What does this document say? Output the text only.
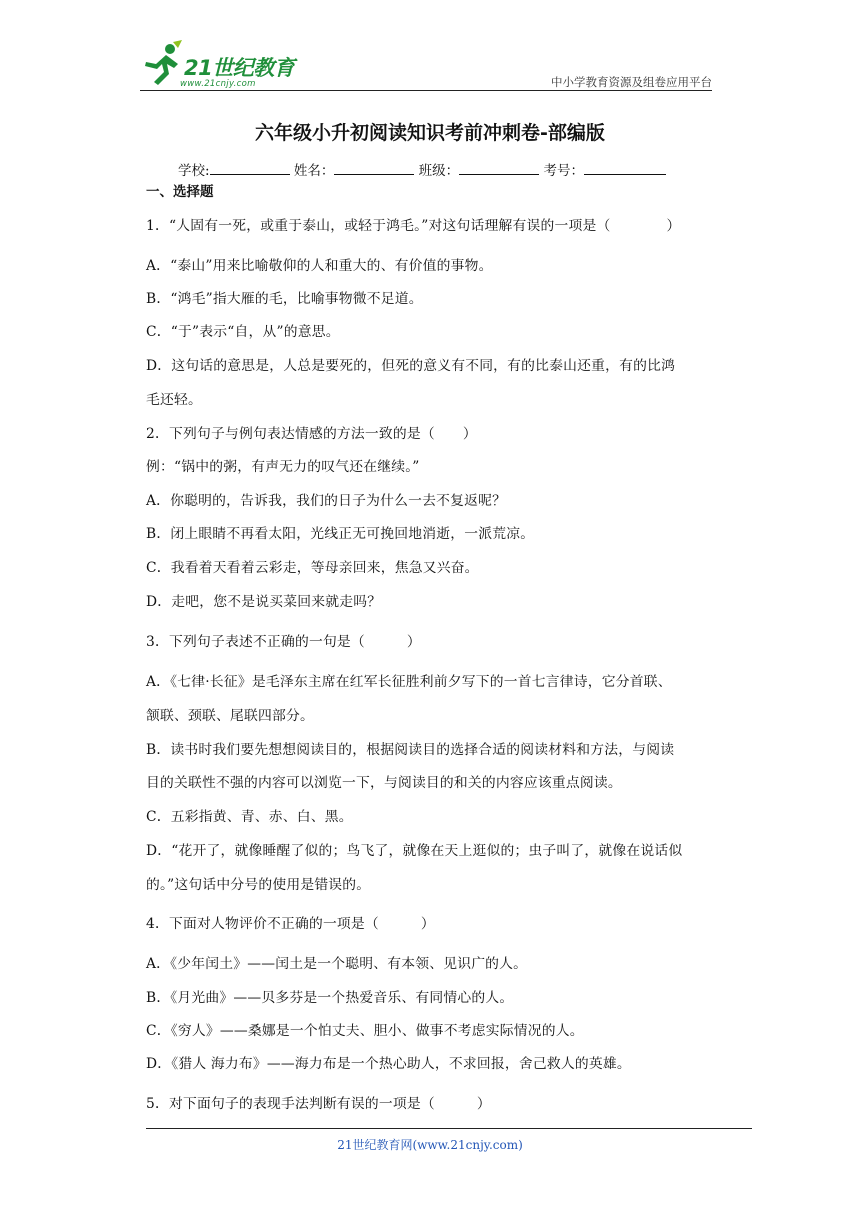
21世纪教育
www.21cnjy.com	中小学教育资源及组卷应用平台
六年级小升初阅读知识考前冲刺卷-部编版
学校:	姓名：	班级：	考号：
一、选择题
1．“人固有一死，或重于泰山，或轻于鸿毛。”对这句话理解有误的一项是（　　　　）
A．“泰山”用来比喻敬仰的人和重大的、有价值的事物。
B．“鸿毛”指大雁的毛，比喻事物微不足道。
C．“于”表示“自，从”的意思。
D．这句话的意思是，人总是要死的，但死的意义有不同，有的比泰山还重，有的比鸿
毛还轻。
2．下列句子与例句表达情感的方法一致的是（　　）
例：“锅中的粥，有声无力的叹气还在继续。”
A．你聪明的，告诉我，我们的日子为什么一去不复返呢？
B．闭上眼睛不再看太阳，光线正无可挽回地消逝，一派荒凉。
C．我看着天看着云彩走，等母亲回来，焦急又兴奋。
D．走吧，您不是说买菜回来就走吗？
3．下列句子表述不正确的一句是（　　　）
A．《七律·长征》是毛泽东主席在红军长征胜利前夕写下的一首七言律诗，它分首联、
颔联、颈联、尾联四部分。
B．读书时我们要先想想阅读目的，根据阅读目的选择合适的阅读材料和方法，与阅读
目的关联性不强的内容可以浏览一下，与阅读目的和关的内容应该重点阅读。
C．五彩指黄、青、赤、白、黑。
D．“花开了，就像睡醒了似的；鸟飞了，就像在天上逛似的；虫子叫了，就像在说话似
的。”这句话中分号的使用是错误的。
4．下面对人物评价不正确的一项是（　　　）
A．《少年闰土》——闰土是一个聪明、有本领、见识广的人。
B．《月光曲》——贝多芬是一个热爱音乐、有同情心的人。
C．《穷人》——桑娜是一个怕丈夫、胆小、做事不考虑实际情况的人。
D．《猎人 海力布》——海力布是一个热心助人，不求回报，舍己救人的英雄。
5．对下面句子的表现手法判断有误的一项是（　　　）
21世纪教育网(www.21cnjy.com)
